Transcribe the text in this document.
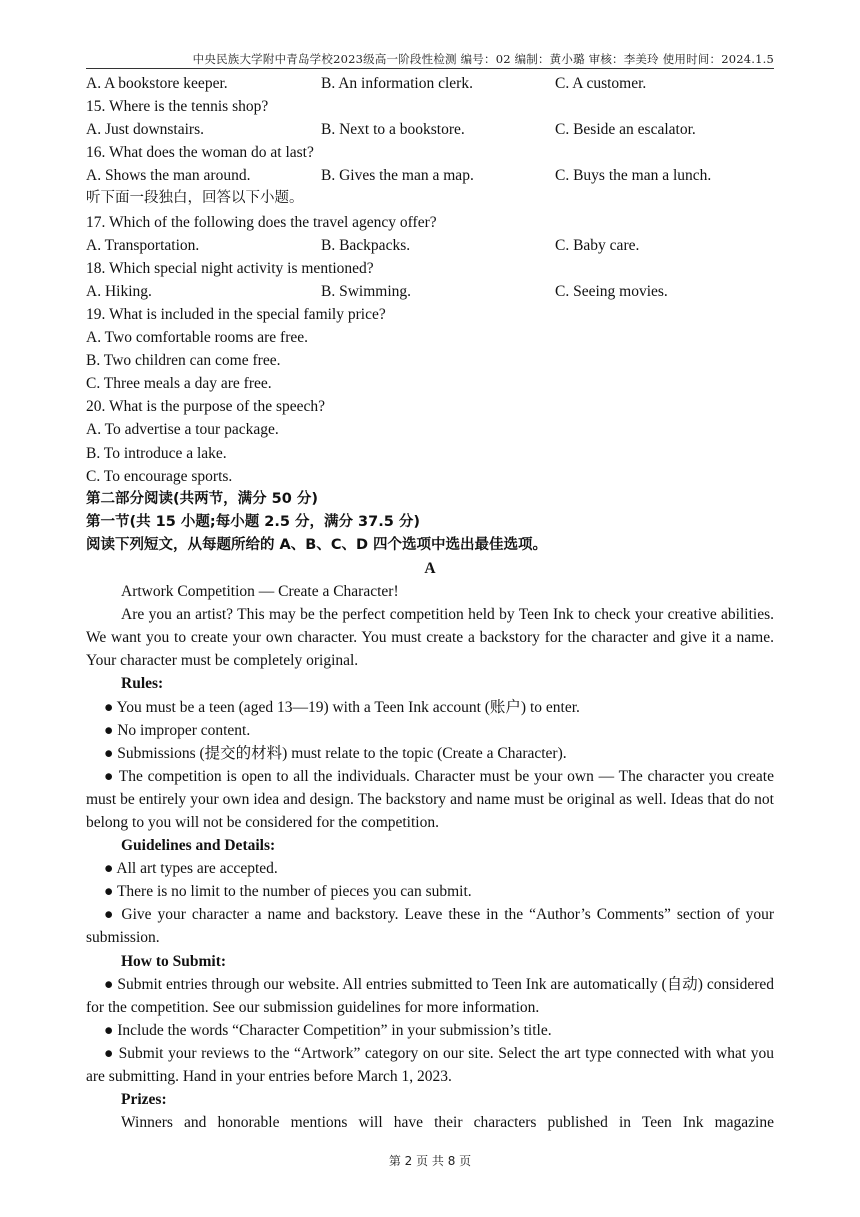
中央民族大学附中青岛学校2023级高一阶段性检测 编号：02 编制：黄小璐 审核：李美玲 使用时间：2024.1.5
A. A bookstore keeper.	B. An information clerk.	C. A customer.
15. Where is the tennis shop?
A. Just downstairs.	B. Next to a bookstore.	C. Beside an escalator.
16. What does the woman do at last?
A. Shows the man around.	B. Gives the man a map.	C. Buys the man a lunch.
听下面一段独白，回答以下小题。
17. Which of the following does the travel agency offer?
A. Transportation.	B. Backpacks.	C. Baby care.
18. Which special night activity is mentioned?
A. Hiking.	B. Swimming.	C. Seeing movies.
19. What is included in the special family price?
A. Two comfortable rooms are free.
B. Two children can come free.
C. Three meals a day are free.
20. What is the purpose of the speech?
A. To advertise a tour package.
B. To introduce a lake.
C. To encourage sports.
第二部分阅读(共两节，满分 50 分)
第一节(共 15 小题;每小题 2.5 分，满分 37.5 分)
阅读下列短文，从每题所给的 A、B、C、D 四个选项中选出最佳选项。
A
Artwork Competition — Create a Character!
Are you an artist? This may be the perfect competition held by Teen Ink to check your creative abilities. We want you to create your own character. You must create a backstory for the character and give it a name. Your character must be completely original.
Rules:
● You must be a teen (aged 13—19) with a Teen Ink account (账户) to enter.
● No improper content.
● Submissions (提交的材料) must relate to the topic (Create a Character).
● The competition is open to all the individuals. Character must be your own — The character you create must be entirely your own idea and design. The backstory and name must be original as well. Ideas that do not belong to you will not be considered for the competition.
Guidelines and Details:
● All art types are accepted.
● There is no limit to the number of pieces you can submit.
● Give your character a name and backstory. Leave these in the “Author’s Comments” section of your submission.
How to Submit:
● Submit entries through our website. All entries submitted to Teen Ink are automatically (自动) considered for the competition. See our submission guidelines for more information.
● Include the words “Character Competition” in your submission’s title.
● Submit your reviews to the “Artwork” category on our site. Select the art type connected with what you are submitting. Hand in your entries before March 1, 2023.
Prizes:
Winners and honorable mentions will have their characters published in Teen Ink magazine
第 2 页 共 8 页
